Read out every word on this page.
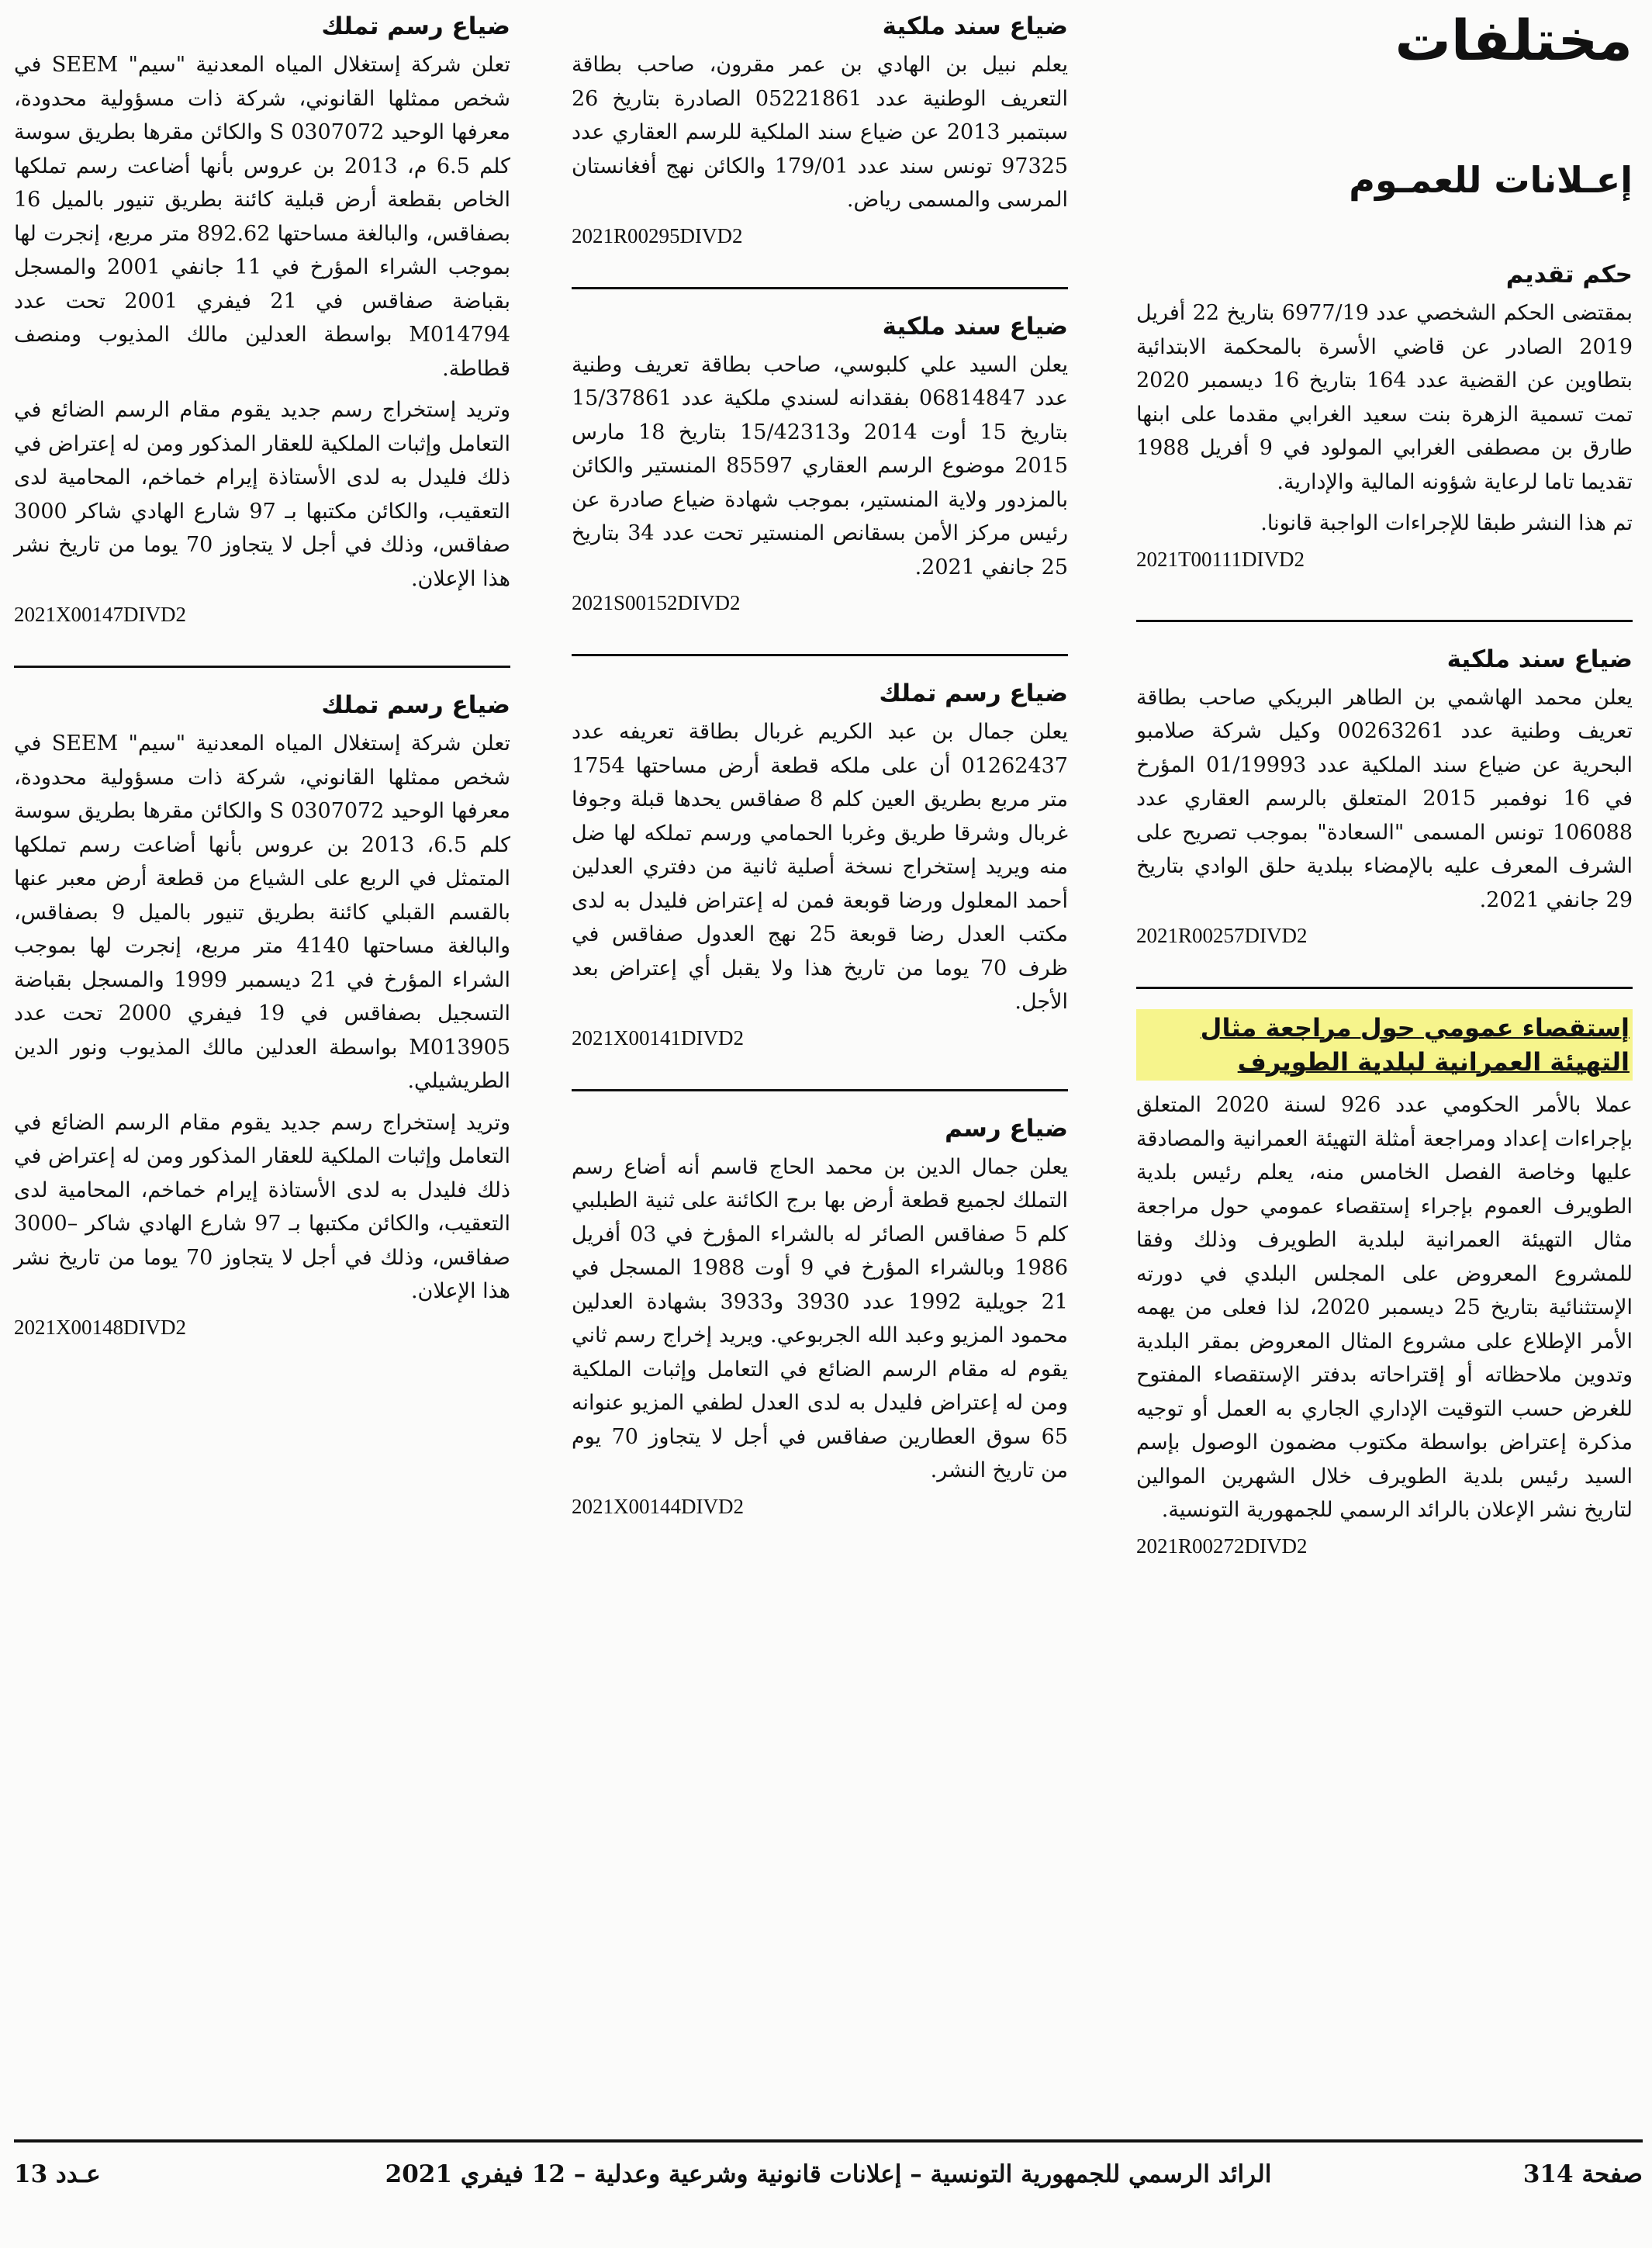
مختلفات
إعـلانات للعمـوم
حكم تقديم

بمقتضى الحكم الشخصي عدد 6977/19 بتاريخ 22 أفريل 2019 الصادر عن قاضي الأسرة بالمحكمة الابتدائية بتطاوين عن القضية عدد 164 بتاريخ 16 ديسمبر 2020 تمت تسمية الزهرة بنت سعيد الغرابي مقدما على ابنها طارق بن مصطفى الغرابي المولود في 9 أفريل 1988 تقديما تاما لرعاية شؤونه المالية والإدارية.

تم هذا النشر طبقا للإجراءات الواجبة قانونا.

2021T00111DIVD2
ضياع سند ملكية

يعلن محمد الهاشمي بن الطاهر البريكي صاحب بطاقة تعريف وطنية عدد 00263261 وكيل شركة صلامبو البحرية عن ضياع سند الملكية عدد 01/19993 المؤرخ في 16 نوفمبر 2015 المتعلق بالرسم العقاري عدد 106088 تونس المسمى "السعادة" بموجب تصريح على الشرف المعرف عليه بالإمضاء ببلدية حلق الوادي بتاريخ 29 جانفي 2021.

2021R00257DIVD2
إستقصاء عمومي حول مراجعة مثال التهيئة العمرانية لبلدية الطويرف

عملا بالأمر الحكومي عدد 926 لسنة 2020 المتعلق بإجراءات إعداد ومراجعة أمثلة التهيئة العمرانية والمصادقة عليها وخاصة الفصل الخامس منه، يعلم رئيس بلدية الطويرف العموم بإجراء إستقصاء عمومي حول مراجعة مثال التهيئة العمرانية لبلدية الطويرف وذلك وفقا للمشروع المعروض على المجلس البلدي في دورته الإستثنائية بتاريخ 25 ديسمبر 2020، لذا فعلى من يهمه الأمر الإطلاع على مشروع المثال المعروض بمقر البلدية وتدوين ملاحظاته أو إقتراحاته بدفتر الإستقصاء المفتوح للغرض حسب التوقيت الإداري الجاري به العمل أو توجيه مذكرة إعتراض بواسطة مكتوب مضمون الوصول بإسم السيد رئيس بلدية الطويرف خلال الشهرين الموالين لتاريخ نشر الإعلان بالرائد الرسمي للجمهورية التونسية.

2021R00272DIVD2
ضياع سند ملكية

يعلم نبيل بن الهادي بن عمر مقرون، صاحب بطاقة التعريف الوطنية عدد 05221861 الصادرة بتاريخ 26 سبتمبر 2013 عن ضياع سند الملكية للرسم العقاري عدد 97325 تونس سند عدد 179/01 والكائن نهج أفغانستان المرسى والمسمى رياض.

2021R00295DIVD2
ضياع سند ملكية

يعلن السيد علي كلبوسي، صاحب بطاقة تعريف وطنية عدد 06814847 بفقدانه لسندي ملكية عدد 15/37861 بتاريخ 15 أوت 2014 و15/42313 بتاريخ 18 مارس 2015 موضوع الرسم العقاري 85597 المنستير والكائن بالمزدور ولاية المنستير، بموجب شهادة ضياع صادرة عن رئيس مركز الأمن بسقانص المنستير تحت عدد 34 بتاريخ 25 جانفي 2021.

2021S00152DIVD2
ضياع رسم تملك

يعلن جمال بن عبد الكريم غربال بطاقة تعريفه عدد 01262437 أن على ملكه قطعة أرض مساحتها 1754 متر مربع بطريق العين كلم 8 صفاقس يحدها قبلة وجوفا غربال وشرقا طريق وغربا الحمامي ورسم تملكه لها ضل منه ويريد إستخراج نسخة أصلية ثانية من دفتري العدلين أحمد المعلول ورضا قوبعة فمن له إعتراض فليدل به لدى مكتب العدل رضا قوبعة 25 نهج العدول صفاقس في ظرف 70 يوما من تاريخ هذا ولا يقبل أي إعتراض بعد الأجل.

2021X00141DIVD2
ضياع رسم

يعلن جمال الدين بن محمد الحاج قاسم أنه أضاع رسم التملك لجميع قطعة أرض بها برج الكائنة على ثنية الطبلبي كلم 5 صفاقس الصائر له بالشراء المؤرخ في 03 أفريل 1986 وبالشراء المؤرخ في 9 أوت 1988 المسجل في 21 جويلية 1992 عدد 3930 و3933 بشهادة العدلين محمود المزيو وعبد الله الجربوعي. ويريد إخراج رسم ثاني يقوم له مقام الرسم الضائع في التعامل وإثبات الملكية ومن له إعتراض فليدل به لدى العدل لطفي المزيو عنوانه 65 سوق العطارين صفاقس في أجل لا يتجاوز 70 يوم من تاريخ النشر.

2021X00144DIVD2
ضياع رسم تملك

تعلن شركة إستغلال المياه المعدنية "سيم" SEEM في شخص ممثلها القانوني، شركة ذات مسؤولية محدودة، معرفها الوحيد 0307072 S والكائن مقرها بطريق سوسة كلم 6.5 م، 2013 بن عروس بأنها أضاعت رسم تملكها الخاص بقطعة أرض قبلية كائنة بطريق تنيور بالميل 16 بصفاقس، والبالغة مساحتها 892.62 متر مربع، إنجرت لها بموجب الشراء المؤرخ في 11 جانفي 2001 والمسجل بقباضة صفاقس في 21 فيفري 2001 تحت عدد M014794 بواسطة العدلين مالك المذيوب ومنصف قطاطة.

وتريد إستخراج رسم جديد يقوم مقام الرسم الضائع في التعامل وإثبات الملكية للعقار المذكور ومن له إعتراض في ذلك فليدل به لدى الأستاذة إيرام خماخم، المحامية لدى التعقيب، والكائن مكتبها بـ 97 شارع الهادي شاكر 3000 صفاقس، وذلك في أجل لا يتجاوز 70 يوما من تاريخ نشر هذا الإعلان.

2021X00147DIVD2
ضياع رسم تملك

تعلن شركة إستغلال المياه المعدنية "سيم" SEEM في شخص ممثلها القانوني، شركة ذات مسؤولية محدودة، معرفها الوحيد 0307072 S والكائن مقرها بطريق سوسة كلم 6.5، 2013 بن عروس بأنها أضاعت رسم تملكها المتمثل في الربع على الشياع من قطعة أرض معبر عنها بالقسم القبلي كائنة بطريق تنيور بالميل 9 بصفاقس، والبالغة مساحتها 4140 متر مربع، إنجرت لها بموجب الشراء المؤرخ في 21 ديسمبر 1999 والمسجل بقباضة التسجيل بصفاقس في 19 فيفري 2000 تحت عدد M013905 بواسطة العدلين مالك المذيوب ونور الدين الطريشيلي.

وتريد إستخراج رسم جديد يقوم مقام الرسم الضائع في التعامل وإثبات الملكية للعقار المذكور ومن له إعتراض في ذلك فليدل به لدى الأستاذة إيرام خماخم، المحامية لدى التعقيب، والكائن مكتبها بـ 97 شارع الهادي شاكر –3000 صفاقس، وذلك في أجل لا يتجاوز 70 يوما من تاريخ نشر هذا الإعلان.

2021X00148DIVD2
صفحة 314
الرائد الرسمي للجمهورية التونسية – إعلانات قانونية وشرعية وعدلية – 12 فيفري 2021
عـدد 13
